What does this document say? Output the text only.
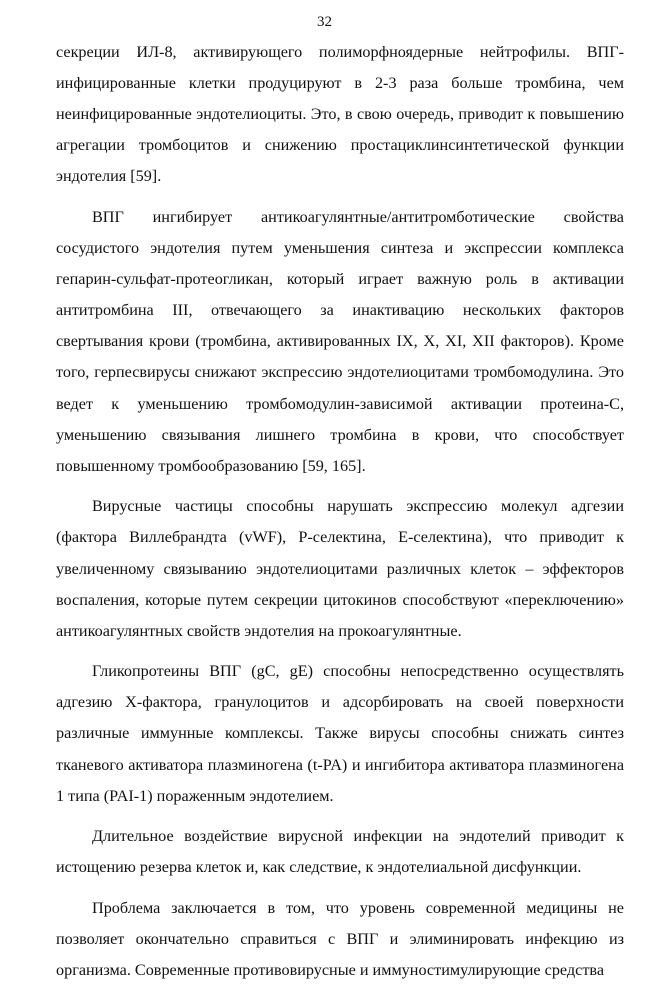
32

секреции ИЛ-8, активирующего полиморфноядерные нейтрофилы. ВПГ-инфицированные клетки продуцируют в 2-3 раза больше тромбина, чем неинфицированные эндотелиоциты. Это, в свою очередь, приводит к повышению агрегации тромбоцитов и снижению простациклинсинтетической функции эндотелия [59].

ВПГ ингибирует антикоагулянтные/антитромботические свойства сосудистого эндотелия путем уменьшения синтеза и экспрессии комплекса гепарин-сульфат-протеогликан, который играет важную роль в активации антитромбина III, отвечающего за инактивацию нескольких факторов свертывания крови (тромбина, активированных IX, X, XI, XII факторов). Кроме того, герпесвирусы снижают экспрессию эндотелиоцитами тромбомодулина. Это ведет к уменьшению тромбомодулин-зависимой активации протеина-С, уменьшению связывания лишнего тромбина в крови, что способствует повышенному тромбообразованию [59, 165].

Вирусные частицы способны нарушать экспрессию молекул адгезии (фактора Виллебрандта (vWF), Р-селектина, Е-селектина), что приводит к увеличенному связыванию эндотелиоцитами различных клеток – эффекторов воспаления, которые путем секреции цитокинов способствуют «переключению» антикоагулянтных свойств эндотелия на прокоагулянтные.

Гликопротеины ВПГ (gC, gE) способны непосредственно осуществлять адгезию Х-фактора, гранулоцитов и адсорбировать на своей поверхности различные иммунные комплексы. Также вирусы способны снижать синтез тканевого активатора плазминогена (t-PA) и ингибитора активатора плазминогена 1 типа (PAI-1) пораженным эндотелием.

Длительное воздействие вирусной инфекции на эндотелий приводит к истощению резерва клеток и, как следствие, к эндотелиальной дисфункции.

Проблема заключается в том, что уровень современной медицины не позволяет окончательно справиться с ВПГ и элиминировать инфекцию из организма. Современные противовирусные и иммуностимулирующие средства
